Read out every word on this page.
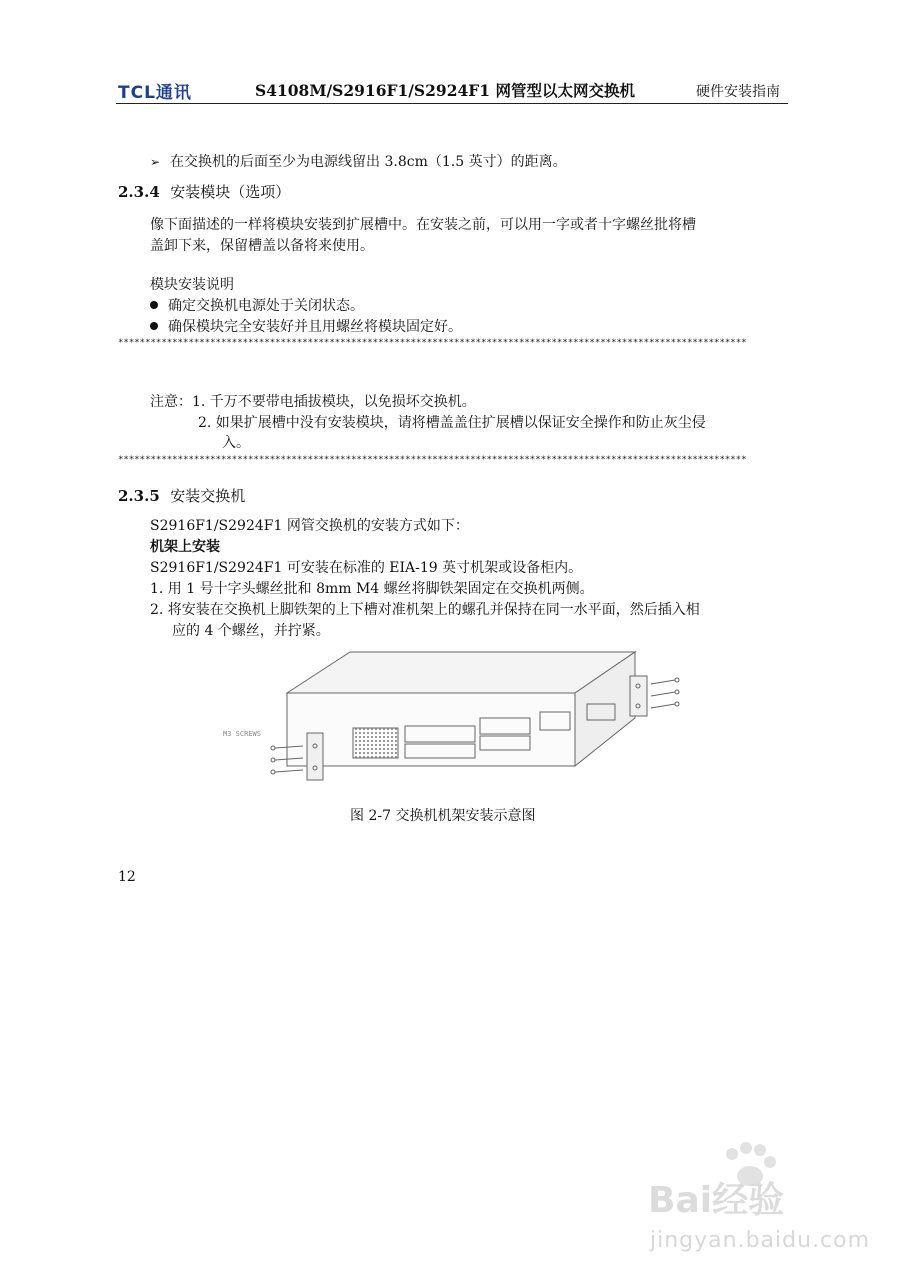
TCL通讯	S4108M/S2916F1/S2924F1 网管型以太网交换机	硬件安装指南
➢ 在交换机的后面至少为电源线留出 3.8cm（1.5 英寸）的距离。
2.3.4 安装模块（选项）
像下面描述的一样将模块安装到扩展槽中。在安装之前，可以用一字或者十字螺丝批将槽
盖卸下来，保留槽盖以备将来使用。
模块安装说明
确定交换机电源处于关闭状态。
确保模块完全安装好并且用螺丝将模块固定好。
********************************************************************************************************************
注意：1. 千万不要带电插拔模块，以免损坏交换机。
2. 如果扩展槽中没有安装模块，请将槽盖盖住扩展槽以保证安全操作和防止灰尘侵
入。
********************************************************************************************************************
2.3.5 安装交换机
S2916F1/S2924F1 网管交换机的安装方式如下：
机架上安装
S2916F1/S2924F1 可安装在标准的 EIA-19 英寸机架或设备柜内。
1. 用 1 号十字头螺丝批和 8mm M4 螺丝将脚铁架固定在交换机两侧。
2. 将安装在交换机上脚铁架的上下槽对准机架上的螺孔并保持在同一水平面，然后插入相
应的 4 个螺丝，并拧紧。
M3 SCREWS
图 2-7 交换机机架安装示意图
12
Bai经验
jingyan.baidu.com
